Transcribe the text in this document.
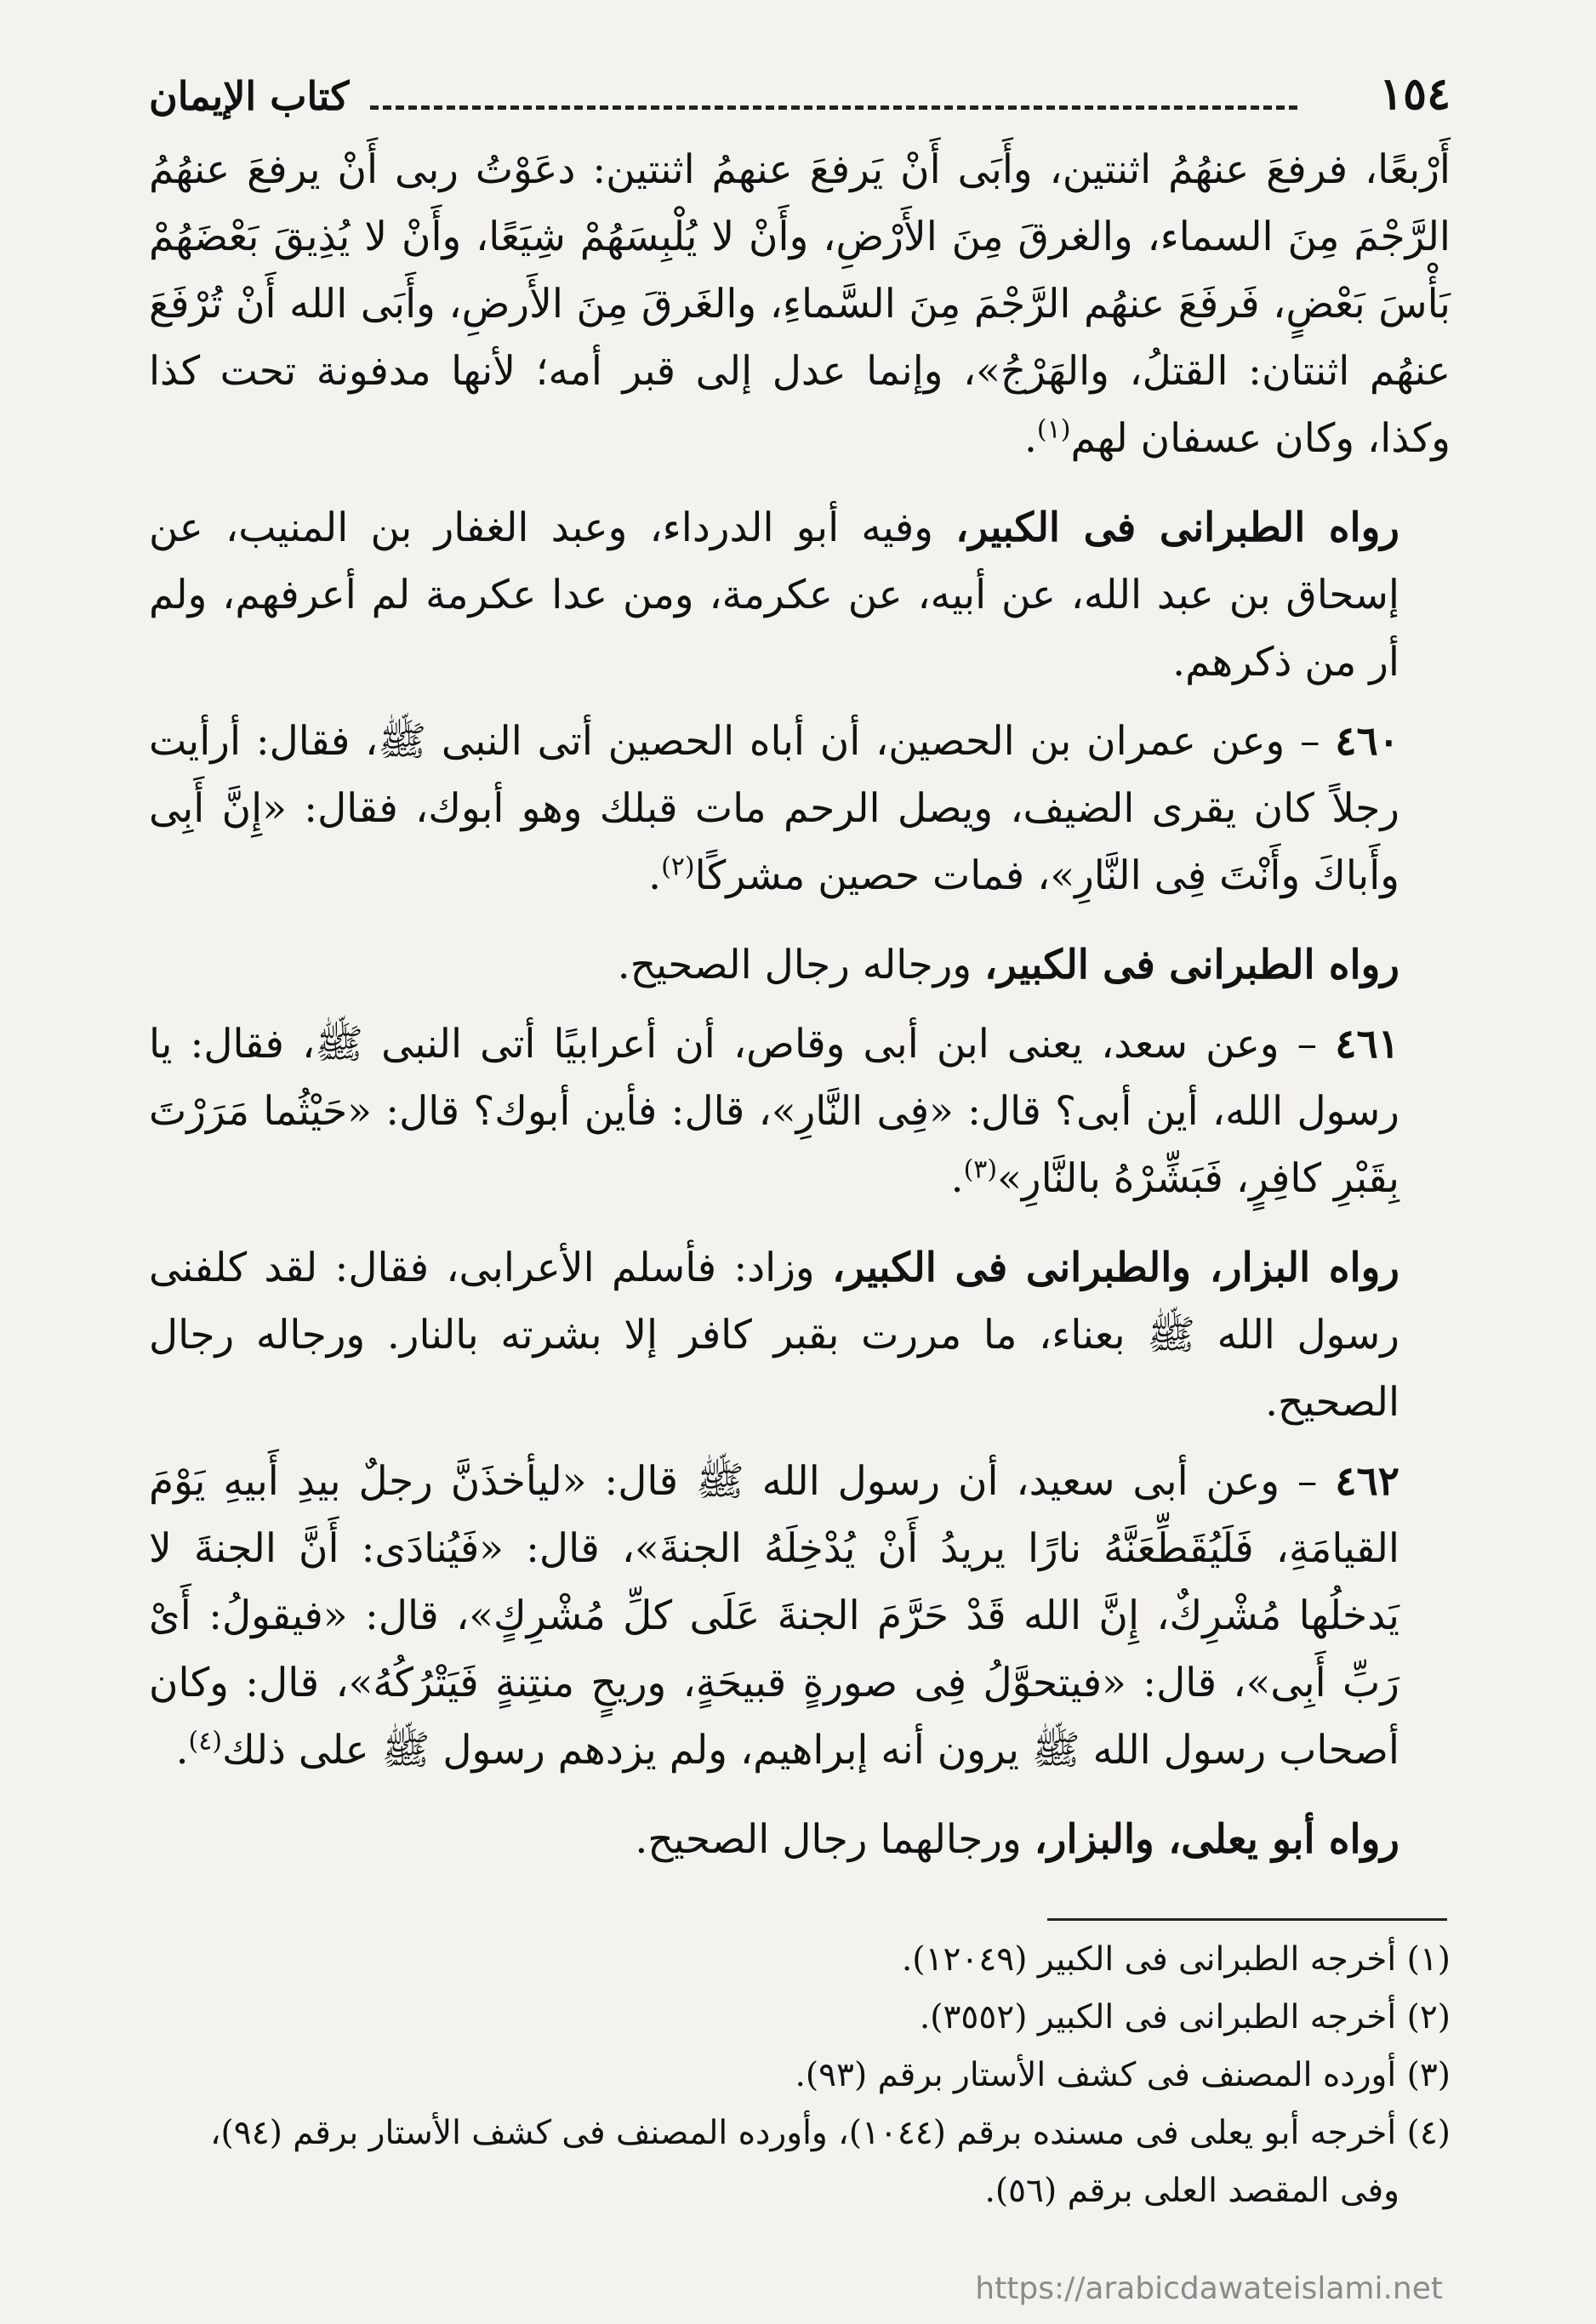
كتاب الإيمان	١٥٤

أَرْبعًا، فرفعَ عنهُمُ اثنتين، وأَبَى أَنْ يَرفعَ عنهمُ اثنتين: دعَوْتُ ربى أَنْ يرفعَ عنهُمُ الرَّجْمَ مِنَ السماء، والغرقَ مِنَ الأَرْضِ، وأَنْ لا يُلْبِسَهُمْ شِيَعًا، وأَنْ لا يُذِيقَ بَعْضَهُمْ بَأْسَ بَعْضٍ، فَرفَعَ عنهُم الرَّجْمَ مِنَ السَّماءِ، والغَرقَ مِنَ الأَرضِ، وأَبَى الله أَنْ تُرْفَعَ عنهُم اثنتان: القتلُ، والهَرْجُ»، وإنما عدل إلى قبر أمه؛ لأنها مدفونة تحت كذا وكذا، وكان عسفان لهم$^{(١)}$.

رواه الطبرانى فى الكبير، وفيه أبو الدرداء، وعبد الغفار بن المنيب، عن إسحاق بن عبد الله، عن أبيه، عن عكرمة، ومن عدا عكرمة لم أعرفهم، ولم أر من ذكرهم.

٤٦٠ – وعن عمران بن الحصين، أن أباه الحصين أتى النبى ﷺ، فقال: أرأيت رجلاً كان يقرى الضيف، ويصل الرحم مات قبلك وهو أبوك، فقال: «إِنَّ أَبِى وأَباكَ وأَنْتَ فِى النَّارِ»، فمات حصين مشركًا$^{(٢)}$.

رواه الطبرانى فى الكبير، ورجاله رجال الصحيح.

٤٦١ – وعن سعد، يعنى ابن أبى وقاص، أن أعرابيًا أتى النبى ﷺ، فقال: يا رسول الله، أين أبى؟ قال: «فِى النَّارِ»، قال: فأين أبوك؟ قال: «حَيْثُما مَرَرْتَ بِقَبْرِ كافِرٍ، فَبَشِّرْهُ بالنَّارِ»$^{(٣)}$.

رواه البزار، والطبرانى فى الكبير، وزاد: فأسلم الأعرابى، فقال: لقد كلفنى رسول الله ﷺ بعناء، ما مررت بقبر كافر إلا بشرته بالنار. ورجاله رجال الصحيح.

٤٦٢ – وعن أبى سعيد، أن رسول الله ﷺ قال: «ليأخذَنَّ رجلٌ بيدِ أَبيهِ يَوْمَ القيامَةِ، فَلَيُقَطِّعَنَّهُ نارًا يريدُ أَنْ يُدْخِلَهُ الجنةَ»، قال: «فَيُنادَى: أَنَّ الجنةَ لا يَدخلُها مُشْرِكٌ، إِنَّ الله قَدْ حَرَّمَ الجنةَ عَلَى كلِّ مُشْرِكٍ»، قال: «فيقولُ: أَىْ رَبِّ أَبِى»، قال: «فيتحوَّلُ فِى صورةٍ قبيحَةٍ، وريحٍ منتِنةٍ فَيَتْرُكُهُ»، قال: وكان أصحاب رسول الله ﷺ يرون أنه إبراهيم، ولم يزدهم رسول ﷺ على ذلك$^{(٤)}$.

رواه أبو يعلى، والبزار، ورجالهما رجال الصحيح.

(١) أخرجه الطبرانى فى الكبير (١٢٠٤٩).
(٢) أخرجه الطبرانى فى الكبير (٣٥٥٢).
(٣) أورده المصنف فى كشف الأستار برقم (٩٣).
(٤) أخرجه أبو يعلى فى مسنده برقم (١٠٤٤)، وأورده المصنف فى كشف الأستار برقم (٩٤)،
وفى المقصد العلى برقم (٥٦).
https://arabicdawateislami.net
